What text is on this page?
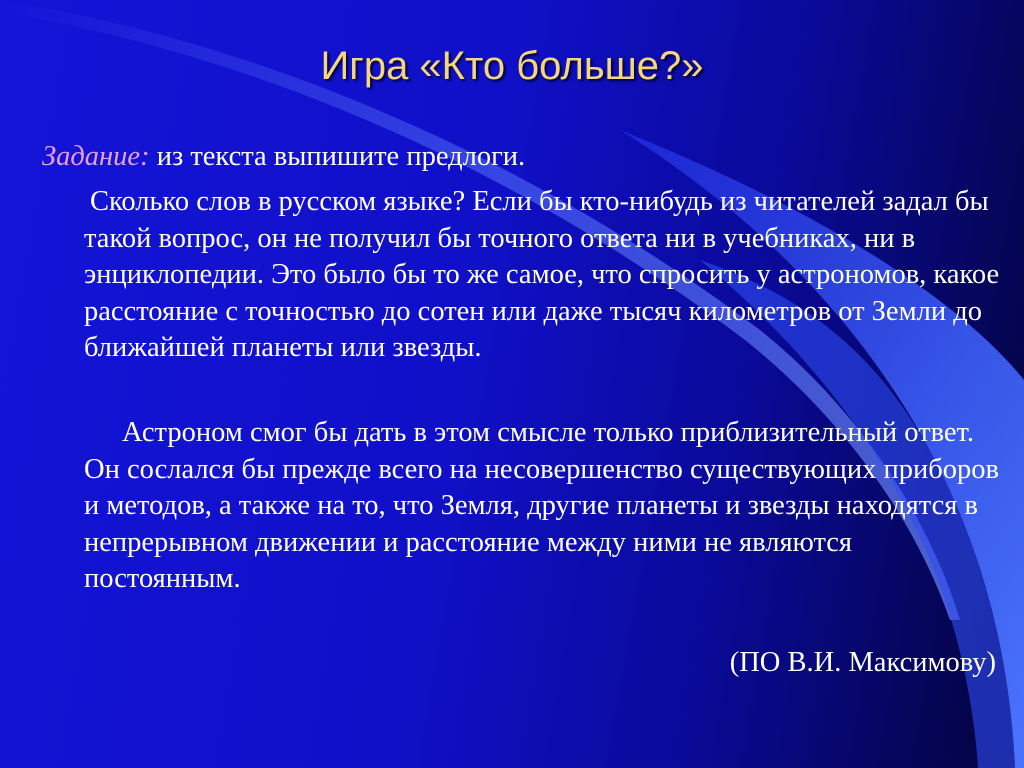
Игра «Кто больше?»
Задание: из текста выпишите предлоги.
Сколько слов в русском языке? Если бы кто-нибудь из читателей задал бы такой вопрос, он не получил бы точного ответа ни в учебниках, ни в энциклопедии. Это было бы то же самое, что спросить у астрономов, какое расстояние с точностью до сотен или даже тысяч километров от Земли до ближайшей планеты или звезды.
Астроном смог бы дать в этом смысле только приблизительный ответ. Он сослался бы прежде всего на несовершенство существующих приборов и методов, а также на то, что Земля, другие планеты и звезды находятся в непрерывном движении и расстояние между ними не являются постоянным.
(ПО В.И. Максимову)
